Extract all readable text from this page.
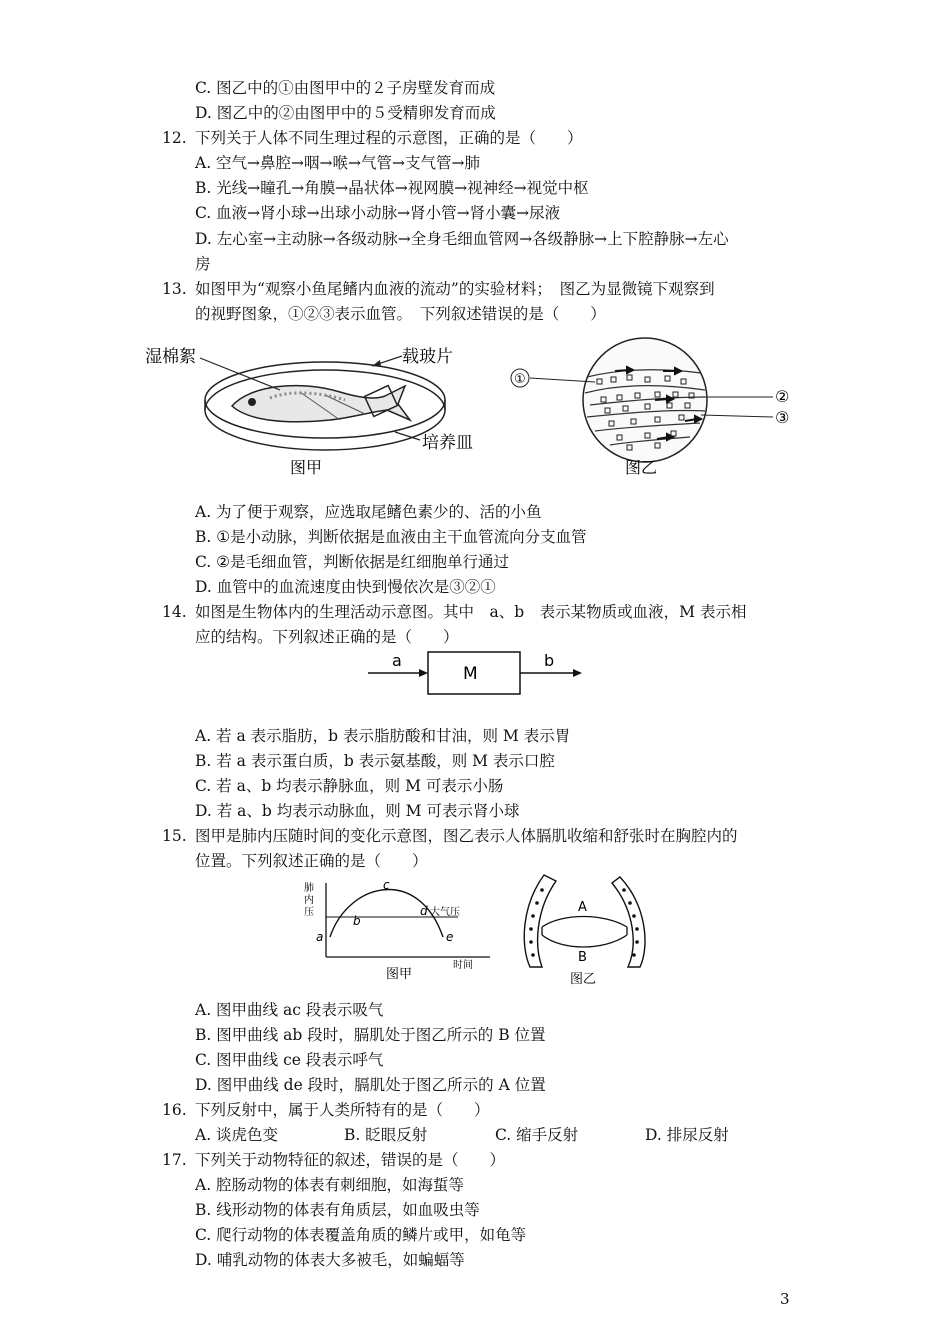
C. 图乙中的①由图甲中的２子房壁发育而成
D. 图乙中的②由图甲中的５受精卵发育而成
12. 下列关于人体不同生理过程的示意图，正确的是（　　）
A. 空气→鼻腔→咽→喉→气管→支气管→肺
B. 光线→瞳孔→角膜→晶状体→视网膜→视神经→视觉中枢
C. 血液→肾小球→出球小动脉→肾小管→肾小囊→尿液
D. 左心室→主动脉→各级动脉→全身毛细血管网→各级静脉→上下腔静脉→左心
房
13. 如图甲为“观察小鱼尾鳍内血液的流动”的实验材料；　图乙为显微镜下观察到
的视野图象，①②③表示血管。　下列叙述错误的是（　　）
湿棉絮	载玻片
培养皿
图甲
①
②
③
图乙
A. 为了便于观察，应选取尾鳍色素少的、活的小鱼
B. ①是小动脉，判断依据是血液由主干血管流向分支血管
C. ②是毛细血管，判断依据是红细胞单行通过
D. 血管中的血流速度由快到慢依次是③②①
14. 如图是生物体内的生理活动示意图。其中　a、b　表示某物质或血液，M 表示相
应的结构。下列叙述正确的是（　　）
a
M
b
A. 若 a 表示脂肪，b 表示脂肪酸和甘油，则 M 表示胃
B. 若 a 表示蛋白质，b 表示氨基酸，则 M 表示口腔
C. 若 a、b 均表示静脉血，则 M 可表示小肠
D. 若 a、b 均表示动脉血，则 M 可表示肾小球
15. 图甲是肺内压随时间的变化示意图，图乙表示人体膈肌收缩和舒张时在胸腔内的
位置。下列叙述正确的是（　　）
肺
内
压
a
b
c
d
e
大气压
时间
图甲
A
B
图乙
A. 图甲曲线 ac 段表示吸气
B. 图甲曲线 ab 段时，膈肌处于图乙所示的 B 位置
C. 图甲曲线 ce 段表示呼气
D. 图甲曲线 de 段时，膈肌处于图乙所示的 A 位置
16. 下列反射中，属于人类所特有的是（　　）
A. 谈虎色变	B. 眨眼反射	C. 缩手反射	D. 排尿反射
17. 下列关于动物特征的叙述，错误的是（　　）
A. 腔肠动物的体表有刺细胞，如海蜇等
B. 线形动物的体表有角质层，如血吸虫等
C. 爬行动物的体表覆盖角质的鳞片或甲，如龟等
D. 哺乳动物的体表大多被毛，如蝙蝠等
3
